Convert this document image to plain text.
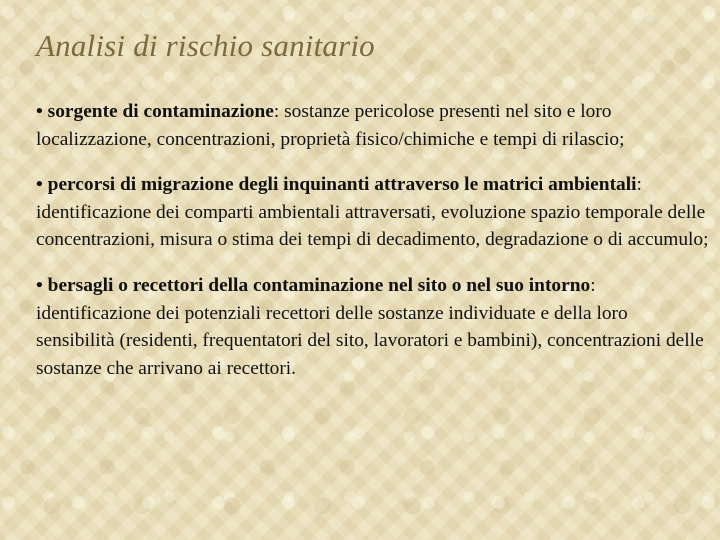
Analisi di rischio sanitario

• sorgente di contaminazione: sostanze pericolose presenti nel sito e loro localizzazione, concentrazioni, proprietà fisico/chimiche e tempi di rilascio;

• percorsi di migrazione degli inquinanti attraverso le matrici ambientali: identificazione dei comparti ambientali attraversati, evoluzione spazio temporale delle concentrazioni, misura o stima dei tempi di decadimento, degradazione o di accumulo;

• bersagli o recettori della contaminazione nel sito o nel suo intorno: identificazione dei potenziali recettori delle sostanze individuate e della loro sensibilità (residenti, frequentatori del sito, lavoratori e bambini), concentrazioni delle sostanze che arrivano ai recettori.
